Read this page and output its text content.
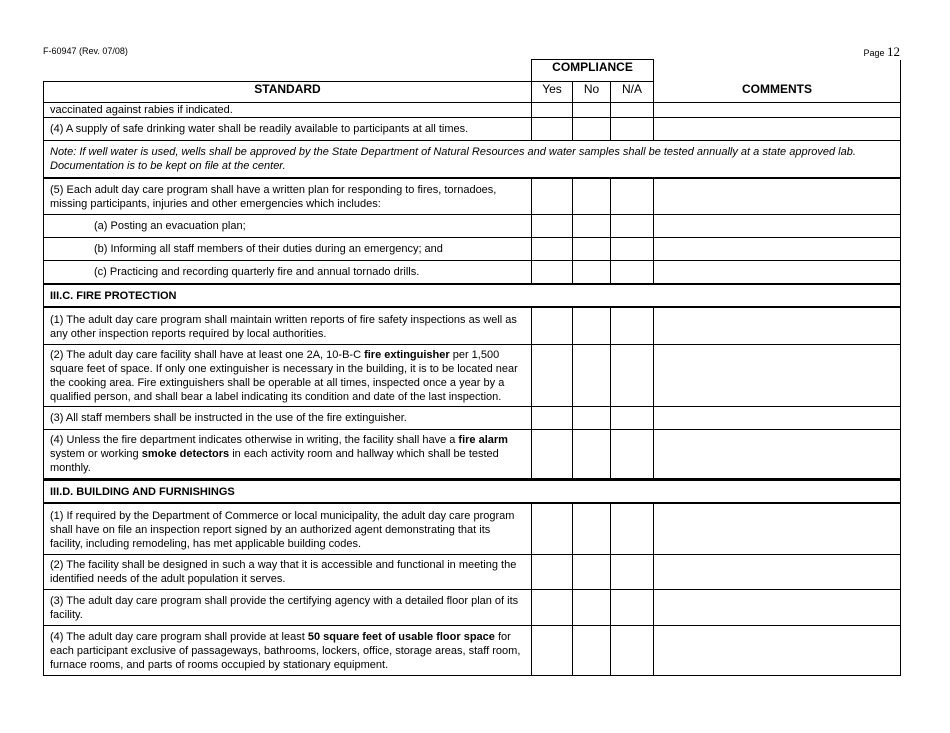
F-60947 (Rev. 07/08)	Page 12
	COMPLIANCE			
STANDARD	Yes	No	N/A	COMMENTS
vaccinated against rabies if indicated.				
(4) A supply of safe drinking water shall be readily available to participants at all times.				
Note: If well water is used, wells shall be approved by the State Department of Natural Resources and water samples shall be tested annually at a state approved lab. Documentation is to be kept on file at the center.				
(5) Each adult day care program shall have a written plan for responding to fires, tornadoes, missing participants, injuries and other emergencies which includes:				
(a) Posting an evacuation plan;				
(b) Informing all staff members of their duties during an emergency; and				
(c) Practicing and recording quarterly fire and annual tornado drills.				
III.C. FIRE PROTECTION				
(1) The adult day care program shall maintain written reports of fire safety inspections as well as any other inspection reports required by local authorities.				
(2) The adult day care facility shall have at least one 2A, 10-B-C fire extinguisher per 1,500 square feet of space. If only one extinguisher is necessary in the building, it is to be located near the cooking area. Fire extinguishers shall be operable at all times, inspected once a year by a qualified person, and shall bear a label indicating its condition and date of the last inspection.				
(3) All staff members shall be instructed in the use of the fire extinguisher.				
(4) Unless the fire department indicates otherwise in writing, the facility shall have a fire alarm system or working smoke detectors in each activity room and hallway which shall be tested monthly.				
III.D. BUILDING AND FURNISHINGS				
(1) If required by the Department of Commerce or local municipality, the adult day care program shall have on file an inspection report signed by an authorized agent demonstrating that its facility, including remodeling, has met applicable building codes.				
(2) The facility shall be designed in such a way that it is accessible and functional in meeting the identified needs of the adult population it serves.				
(3) The adult day care program shall provide the certifying agency with a detailed floor plan of its facility.				
(4) The adult day care program shall provide at least 50 square feet of usable floor space for each participant exclusive of passageways, bathrooms, lockers, office, storage areas, staff room, furnace rooms, and parts of rooms occupied by stationary equipment.				
